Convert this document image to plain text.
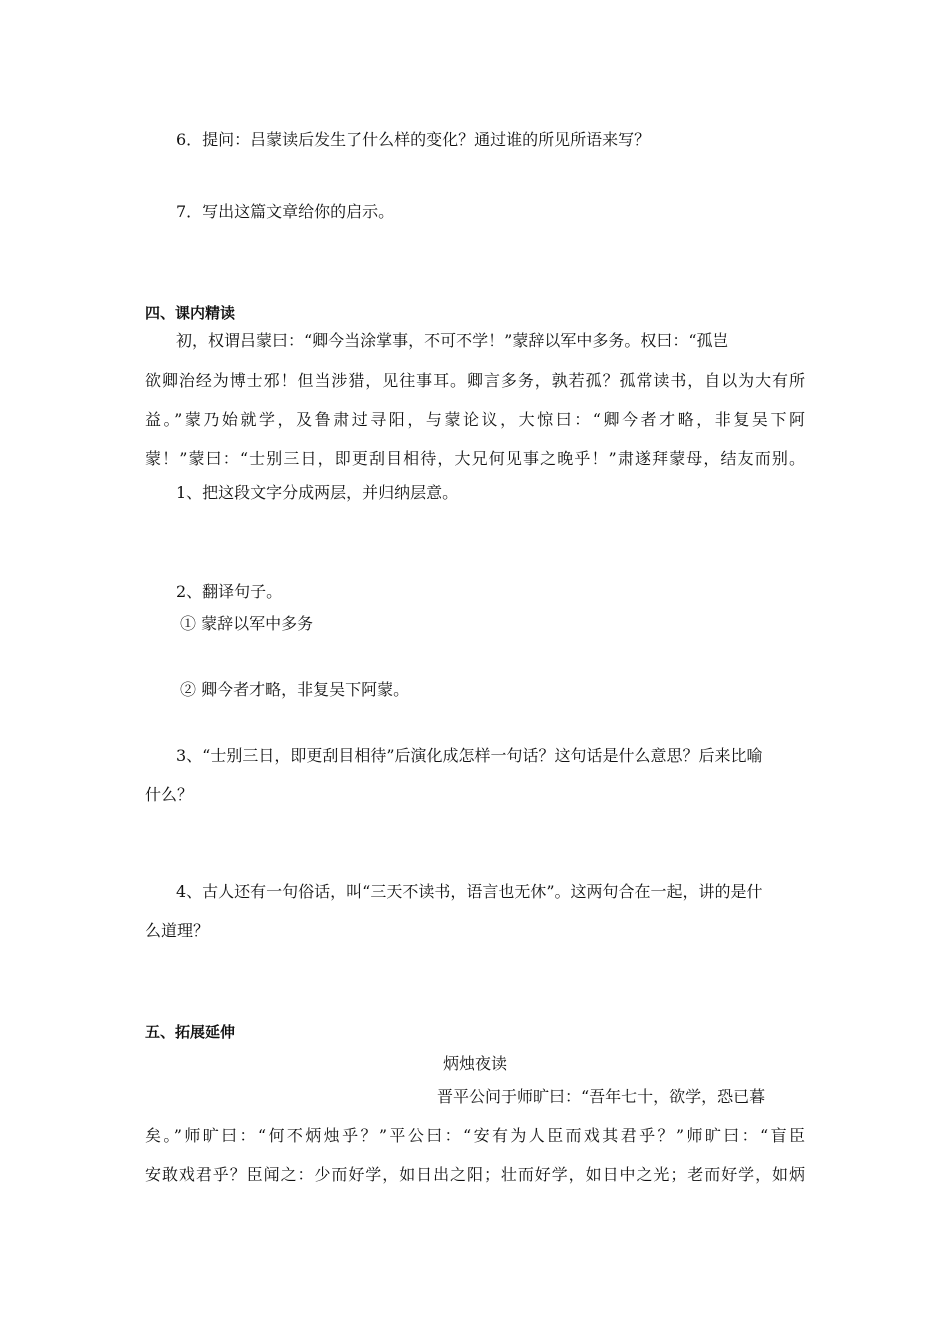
6．提问：吕蒙读后发生了什么样的变化？通过谁的所见所语来写？
7．写出这篇文章给你的启示。
四、课内精读
初，权谓吕蒙曰：“卿今当涂掌事，不可不学！”蒙辞以军中多务。权曰：“孤岂
欲卿治经为博士邪！但当涉猎，见往事耳。卿言多务，孰若孤？孤常读书，自以为大有所
益。”蒙乃始就学，及鲁肃过寻阳，与蒙论议，大惊曰：“卿今者才略，非复吴下阿
蒙！”蒙曰：“士别三日，即更刮目相待，大兄何见事之晚乎！”肃遂拜蒙母，结友而别。
1、把这段文字分成两层，并归纳层意。
2、翻译句子。
① 蒙辞以军中多务
② 卿今者才略，非复吴下阿蒙。
3、“士别三日，即更刮目相待”后演化成怎样一句话？这句话是什么意思？后来比喻
什么？
4、古人还有一句俗话，叫“三天不读书，语言也无休”。这两句合在一起，讲的是什
么道理？
五、拓展延伸
炳烛夜读
晋平公问于师旷曰：“吾年七十，欲学，恐已暮
矣。”师旷曰：“何不炳烛乎？”平公曰：“安有为人臣而戏其君乎？”师旷曰：“盲臣
安敢戏君乎？臣闻之：少而好学，如日出之阳；壮而好学，如日中之光；老而好学，如炳
